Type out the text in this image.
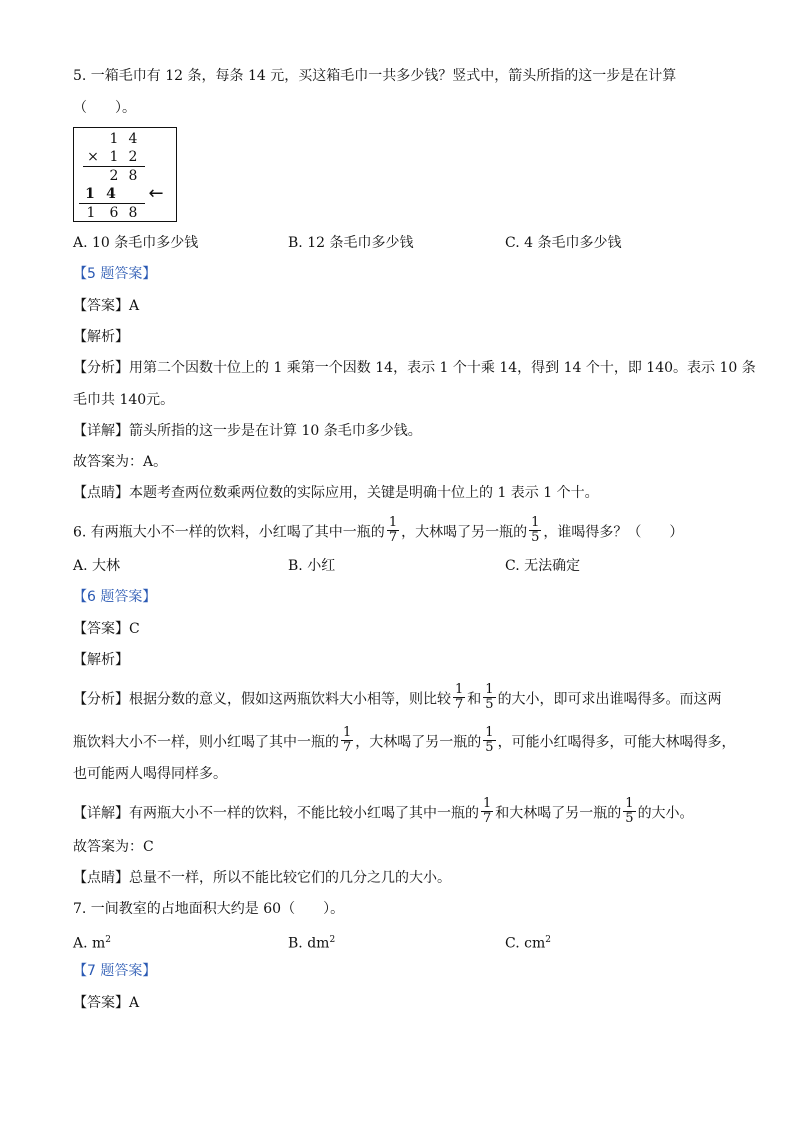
5. 一箱毛巾有 12 条，每条 14 元，买这箱毛巾一共多少钱？竖式中，箭头所指的这一步是在计算
（　　）。
1 4
× 1 2
2 8
1 4	←
1 6 8
A. 10 条毛巾多少钱	B. 12 条毛巾多少钱	C. 4 条毛巾多少钱
【5 题答案】
【答案】A
【解析】
【分析】用第二个因数十位上的 1 乘第一个因数 14，表示 1 个十乘 14，得到 14 个十，即 140。表示 10 条
毛巾共 140元。
【详解】箭头所指的这一步是在计算 10 条毛巾多少钱。
故答案为：A。
【点睛】本题考查两位数乘两位数的实际应用，关键是明确十位上的 1 表示 1 个十。
6. 有两瓶大小不一样的饮料，小红喝了其中一瓶的 $\frac{1}{7}$ ，大林喝了另一瓶的 $\frac{1}{5}$ ，谁喝得多？（　　）
A. 大林	B. 小红	C. 无法确定
【6 题答案】
【答案】C
【解析】
【分析】根据分数的意义，假如这两瓶饮料大小相等，则比较 $\frac{1}{7}$ 和 $\frac{1}{5}$ 的大小，即可求出谁喝得多。而这两
瓶饮料大小不一样，则小红喝了其中一瓶的 $\frac{1}{7}$ ，大林喝了另一瓶的 $\frac{1}{5}$ ，可能小红喝得多，可能大林喝得多，
也可能两人喝得同样多。
【详解】有两瓶大小不一样的饮料，不能比较小红喝了其中一瓶的 $\frac{1}{7}$ 和大林喝了另一瓶的 $\frac{1}{5}$ 的大小。
故答案为：C
【点睛】总量不一样，所以不能比较它们的几分之几的大小。
7. 一间教室的占地面积大约是 60（　　）。
A. $m^2$	B. $dm^2$	C. $cm^2$
【7 题答案】
【答案】A
